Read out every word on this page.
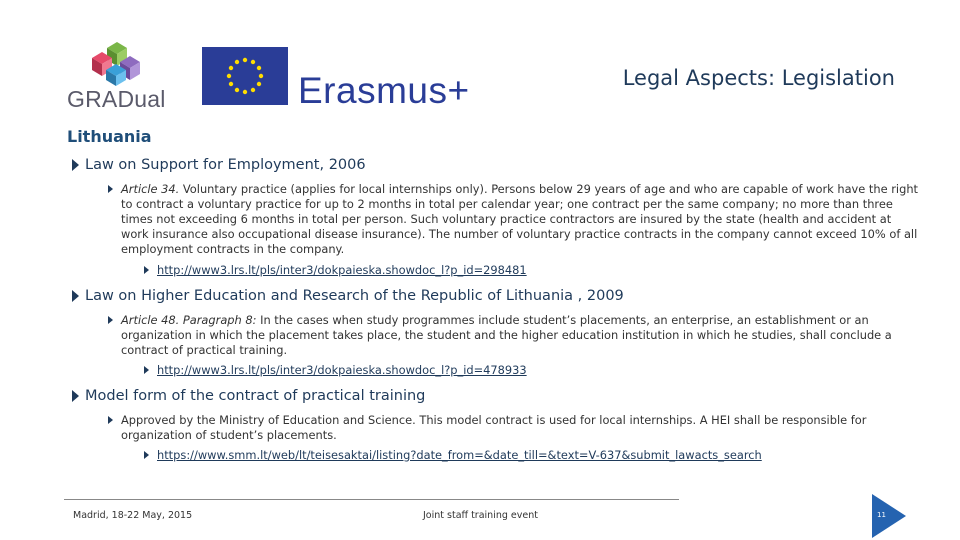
GRADual	Erasmus+	Legal Aspects: Legislation
Lithuania
Law on Support for Employment, 2006
Article 34. Voluntary practice (applies for local internships only). Persons below 29 years of age and who are capable of work have the right to contract a voluntary practice for up to 2 months in total per calendar year; one contract per the same company; no more than three times not exceeding 6 months in total per person. Such voluntary practice contractors are insured by the state (health and accident at work insurance also occupational disease insurance). The number of voluntary practice contracts in the company cannot exceed 10% of all employment contracts in the company.
http://www3.lrs.lt/pls/inter3/dokpaieska.showdoc_l?p_id=298481
Law on Higher Education and Research of the Republic of Lithuania , 2009
Article 48. Paragraph 8: In the cases when study programmes include student’s placements, an enterprise, an establishment or an organization in which the placement takes place, the student and the higher education institution in which he studies, shall conclude a contract of practical training.
http://www3.lrs.lt/pls/inter3/dokpaieska.showdoc_l?p_id=478933
Model form of the contract of practical training
Approved by the Ministry of Education and Science. This model contract is used for local internships. A HEI shall be responsible for organization of student’s placements.
https://www.smm.lt/web/lt/teisesaktai/listing?date_from=&date_till=&text=V-637&submit_lawacts_search
Madrid, 18-22 May, 2015	Joint staff training event	11
